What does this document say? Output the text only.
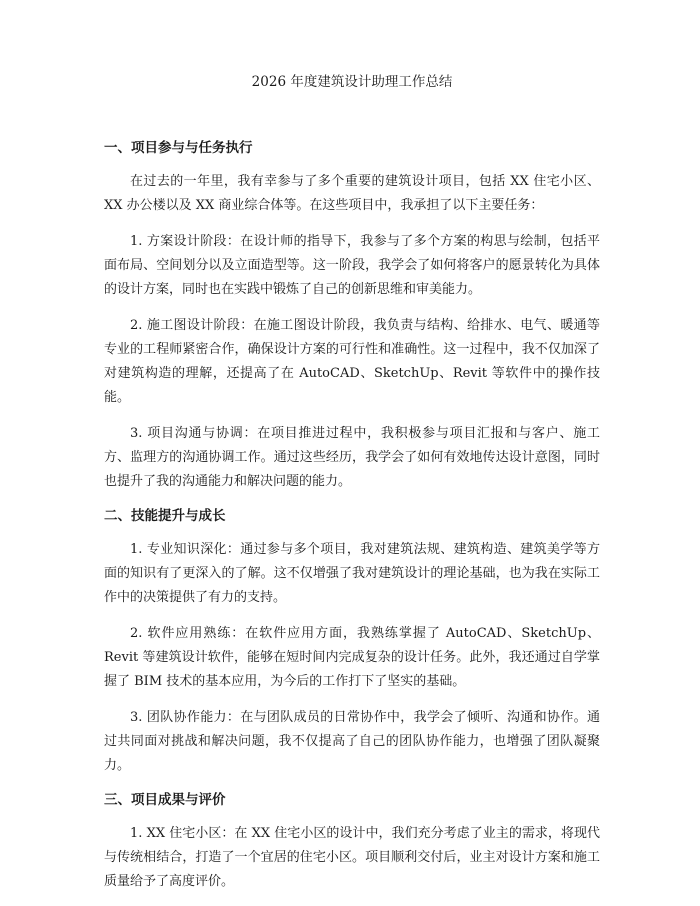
2026 年度建筑设计助理工作总结
一、项目参与与任务执行

在过去的一年里，我有幸参与了多个重要的建筑设计项目，包括 XX 住宅小区、XX 办公楼以及 XX 商业综合体等。在这些项目中，我承担了以下主要任务：

1. 方案设计阶段：在设计师的指导下，我参与了多个方案的构思与绘制，包括平面布局、空间划分以及立面造型等。这一阶段，我学会了如何将客户的愿景转化为具体的设计方案，同时也在实践中锻炼了自己的创新思维和审美能力。

2. 施工图设计阶段：在施工图设计阶段，我负责与结构、给排水、电气、暖通等专业的工程师紧密合作，确保设计方案的可行性和准确性。这一过程中，我不仅加深了对建筑构造的理解，还提高了在 AutoCAD、SketchUp、Revit 等软件中的操作技能。

3. 项目沟通与协调：在项目推进过程中，我积极参与项目汇报和与客户、施工方、监理方的沟通协调工作。通过这些经历，我学会了如何有效地传达设计意图，同时也提升了我的沟通能力和解决问题的能力。

二、技能提升与成长

1. 专业知识深化：通过参与多个项目，我对建筑法规、建筑构造、建筑美学等方面的知识有了更深入的了解。这不仅增强了我对建筑设计的理论基础，也为我在实际工作中的决策提供了有力的支持。

2. 软件应用熟练：在软件应用方面，我熟练掌握了 AutoCAD、SketchUp、Revit 等建筑设计软件，能够在短时间内完成复杂的设计任务。此外，我还通过自学掌握了 BIM 技术的基本应用，为今后的工作打下了坚实的基础。

3. 团队协作能力：在与团队成员的日常协作中，我学会了倾听、沟通和协作。通过共同面对挑战和解决问题，我不仅提高了自己的团队协作能力，也增强了团队凝聚力。

三、项目成果与评价

1. XX 住宅小区：在 XX 住宅小区的设计中，我们充分考虑了业主的需求，将现代与传统相结合，打造了一个宜居的住宅小区。项目顺利交付后，业主对设计方案和施工质量给予了高度评价。
